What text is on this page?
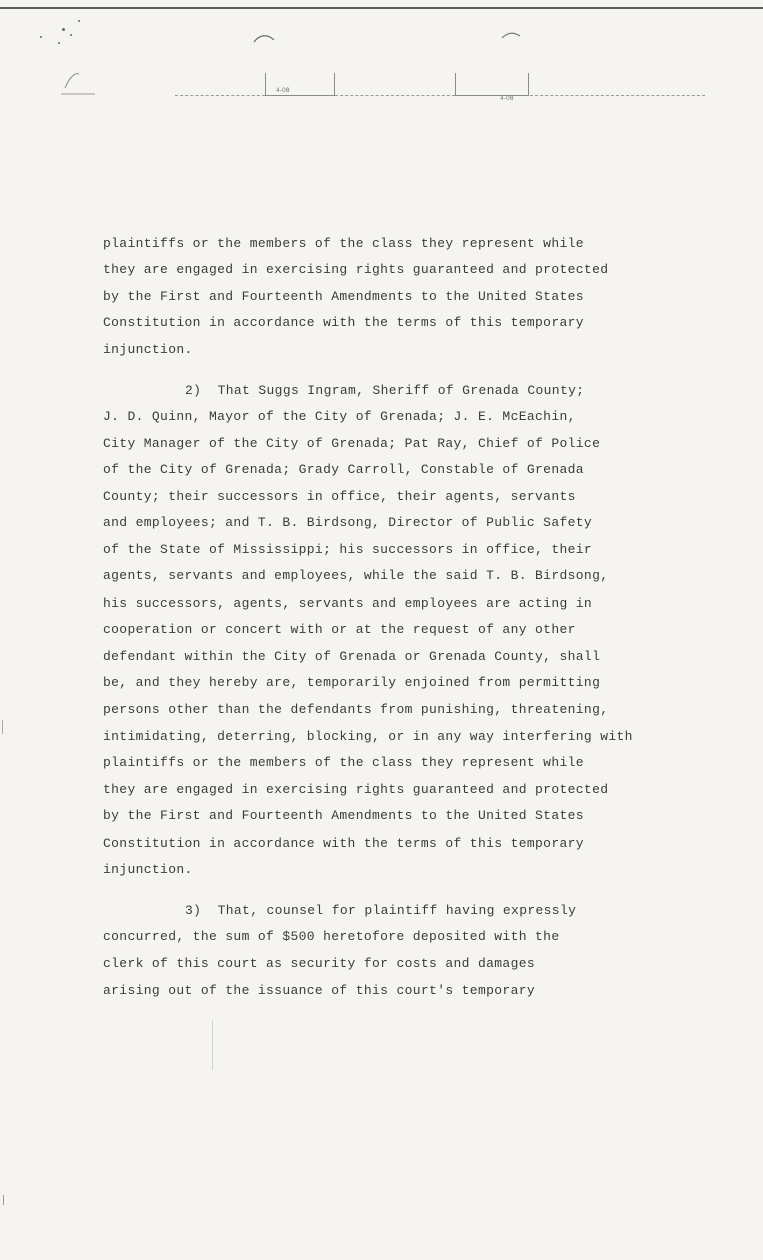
4-08
4-08
plaintiffs or the members of the class they represent while
they are engaged in exercising rights guaranteed and protected
by the First and Fourteenth Amendments to the United States
Constitution in accordance with the terms of this temporary
injunction.
2)  That Suggs Ingram, Sheriff of Grenada County;
J. D. Quinn, Mayor of the City of Grenada; J. E. McEachin,
City Manager of the City of Grenada; Pat Ray, Chief of Police
of the City of Grenada; Grady Carroll, Constable of Grenada
County; their successors in office, their agents, servants
and employees; and T. B. Birdsong, Director of Public Safety
of the State of Mississippi; his successors in office, their
agents, servants and employees, while the said T. B. Birdsong,
his successors, agents, servants and employees are acting in
cooperation or concert with or at the request of any other
defendant within the City of Grenada or Grenada County, shall
be, and they hereby are, temporarily enjoined from permitting
persons other than the defendants from punishing, threatening,
intimidating, deterring, blocking, or in any way interfering with
plaintiffs or the members of the class they represent while
they are engaged in exercising rights guaranteed and protected
by the First and Fourteenth Amendments to the United States
Constitution in accordance with the terms of this temporary
injunction.
3)  That, counsel for plaintiff having expressly
concurred, the sum of $500 heretofore deposited with the
clerk of this court as security for costs and damages
arising out of the issuance of this court's temporary
